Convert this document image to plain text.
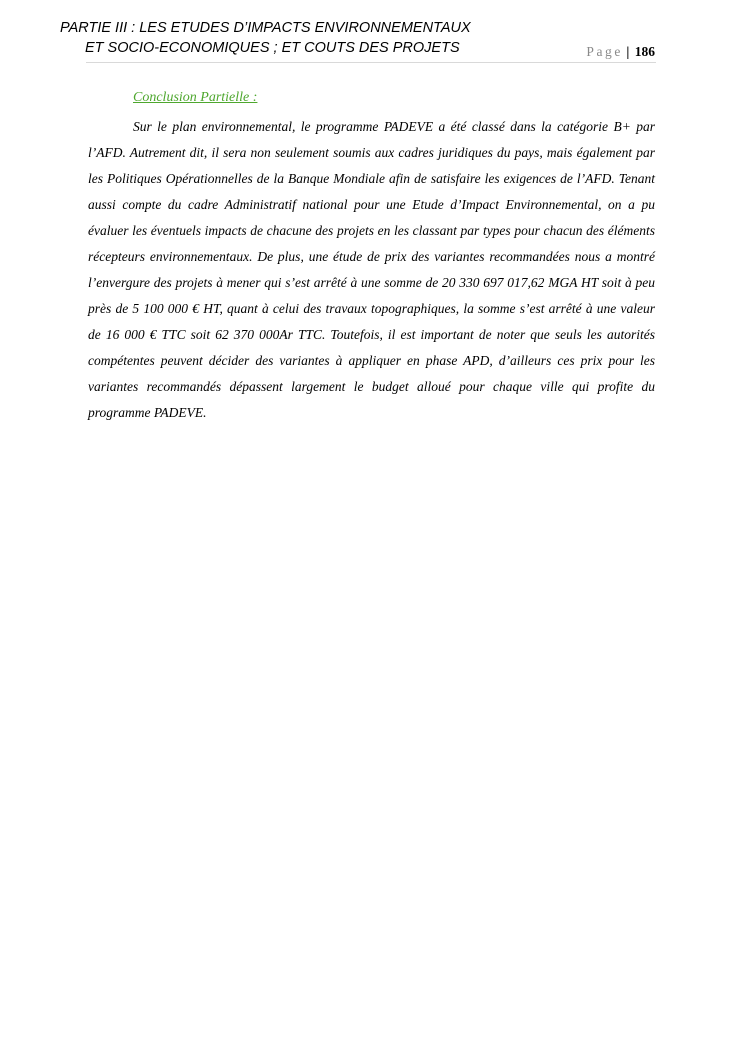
PARTIE III : LES ETUDES D’IMPACTS ENVIRONNEMENTAUX
ET SOCIO-ECONOMIQUES ; ET COUTS DES PROJETS	Page | 186
Conclusion Partielle :

Sur le plan environnemental, le programme PADEVE a été classé dans la catégorie B+ par l’AFD. Autrement dit, il sera non seulement soumis aux cadres juridiques du pays, mais également par les Politiques Opérationnelles de la Banque Mondiale afin de satisfaire les exigences de l’AFD. Tenant aussi compte du cadre Administratif national pour une Etude d’Impact Environnemental, on a pu évaluer les éventuels impacts de chacune des projets en les classant par types pour chacun des éléments récepteurs environnementaux. De plus, une étude de prix des variantes recommandées nous a montré l’envergure des projets à mener qui s’est arrêté à une somme de 20 330 697 017,62 MGA HT soit à peu près de 5 100 000 € HT, quant à celui des travaux topographiques, la somme s’est arrêté à une valeur de 16 000 € TTC soit 62 370 000Ar TTC. Toutefois, il est important de noter que seuls les autorités compétentes peuvent décider des variantes à appliquer en phase APD, d’ailleurs ces prix pour les variantes recommandés dépassent largement le budget alloué pour chaque ville qui profite du programme PADEVE.
